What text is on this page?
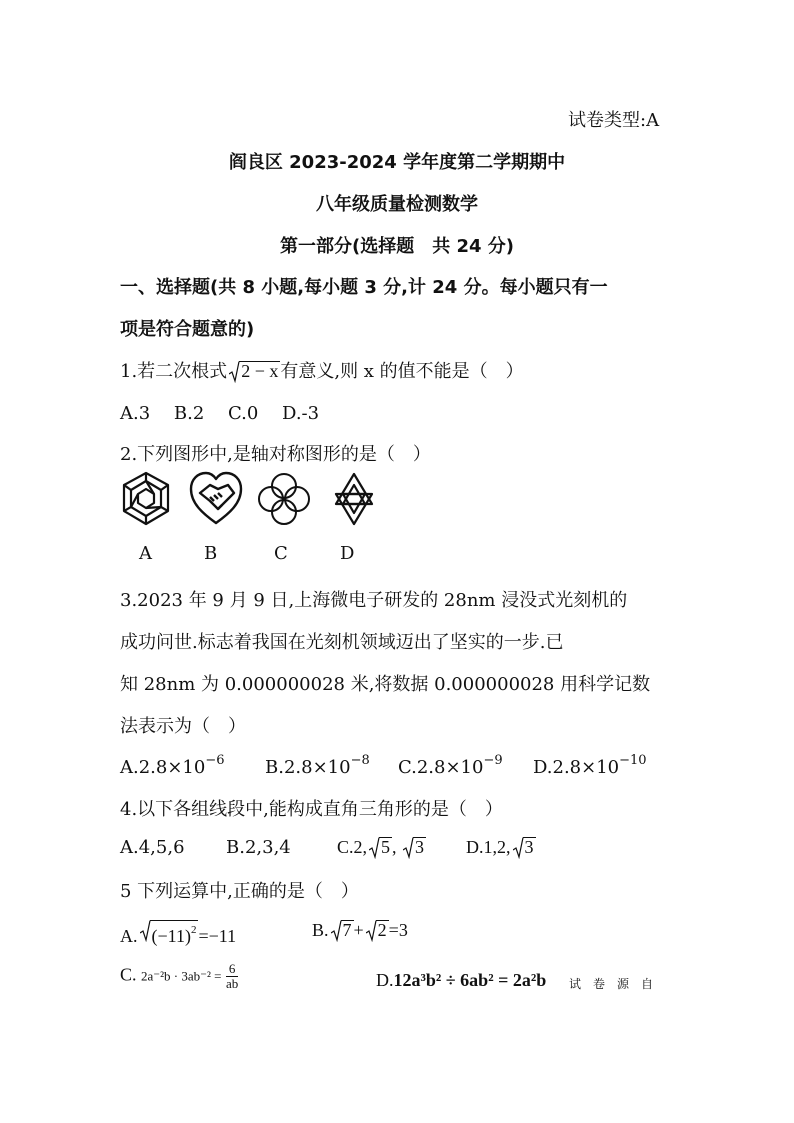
试卷类型:A
阎良区 2023-2024 学年度第二学期期中
八年级质量检测数学
第一部分(选择题　共 24 分)
一、选择题(共 8 小题,每小题 3 分,计 24 分。每小题只有一
项是符合题意的)
1.若二次根式 2 − x 有意义,则 x 的值不能是（　）
A.3　 B.2　 C.0　 D.-3
2.下列图形中,是轴对称图形的是（　）
A	B	C	D
3.2023 年 9 月 9 日,上海微电子研发的 28nm 浸没式光刻机的
成功问世.标志着我国在光刻机领域迈出了坚实的一步.已
知 28nm 为 0.000000028 米,将数据 0.000000028 用科学记数
法表示为（　）
$A.2.8\times 10^{-6}$ $B.2.8\times 10^{-8}$ $C.2.8\times 10^{-9}$ $D.2.8\times 10^{-10}$
4.以下各组线段中,能构成直角三角形的是（　）
A.4,5,6 B.2,3,4	C.2, 5 ,
3 D.1,2, 3
5 下列运算中,正确的是（　）
A. $(-11)^2 =-11$	B. 7 + 2 =3
C. $2a^{-2}b \cdot 3ab^{-2} = \frac{6}{ab}$	D.12a³b² ÷ 6ab² = 2a²b 试　卷　源　自
